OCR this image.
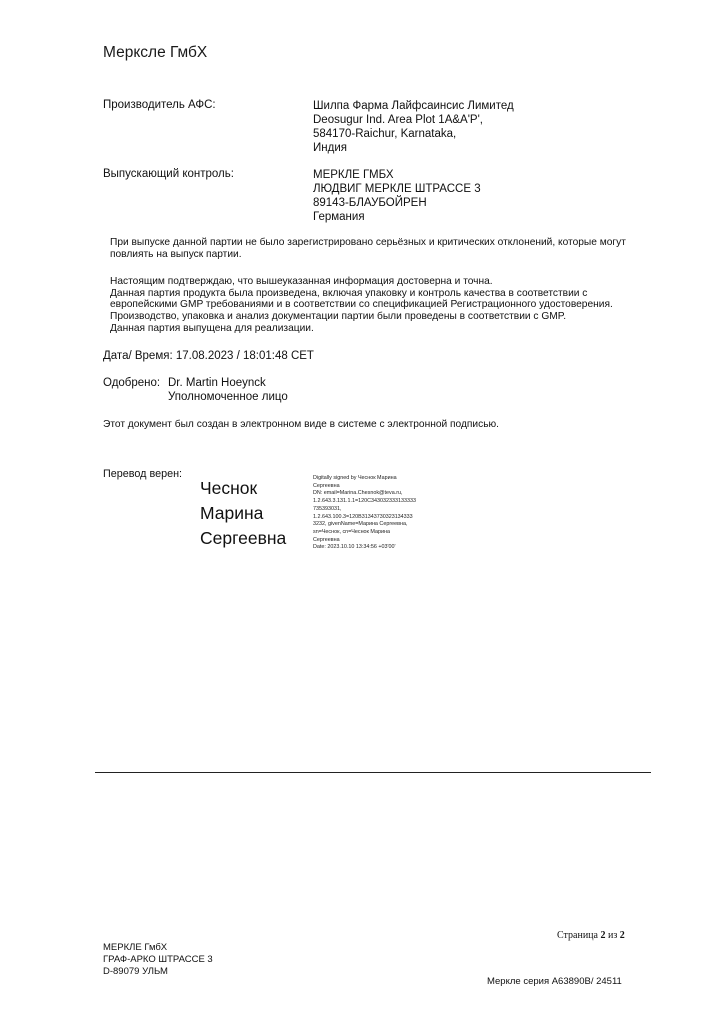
Мерксле ГмбХ
Производитель АФС:	Шилпа Фарма Лайфсаинсис Лимитед
Deosugur Ind. Area Plot 1A&A'P',
584170-Raichur, Karnataka,
Индия
Выпускающий контроль:	МЕРКЛЕ ГМБХ
ЛЮДВИГ МЕРКЛЕ ШТРАССЕ 3
89143-БЛАУБОЙРЕН
Германия
При выпуске данной партии не было зарегистрировано серьёзных и критических отклонений, которые могут
повлиять на выпуск партии.
Настоящим подтверждаю, что вышеуказанная информация достоверна и точна.
Данная партия продукта была произведена, включая упаковку и контроль качества в соответствии с
европейскими GMP требованиями и в соответствии со спецификацией Регистрационного удостоверения.
Производство, упаковка и анализ документации партии были проведены в соответствии с GMP.
Данная партия выпущена для реализации.
Дата/ Время: 17.08.2023 / 18:01:48 CET
Одобрено: Dr. Martin Hoeynck
Уполномоченное лицо
Этот документ был создан в электронном виде в системе с электронной подписью.
Перевод верен:
Чеснок
Марина
Сергеевна
Digitally signed by Чеснок Марина
Сергеевна
DN: email=Marina.Chesnok@teva.ru,
1.2.643.3.131.1.1=120C343032333133333
735393031,
1.2.643.100.3=120B31343730323134333
3232, givenName=Марина Сергеевна,
sn=Чеснок, cn=Чеснок Марина
Сергеевна
Date: 2023.10.10 13:34:56 +03'00'
Страница 2 из 2
МЕРКЛЕ ГмбХ
ГРАФ-АРКО ШТРАССЕ 3
D-89079 УЛЬМ
Меркле серия A63890B/ 24511
